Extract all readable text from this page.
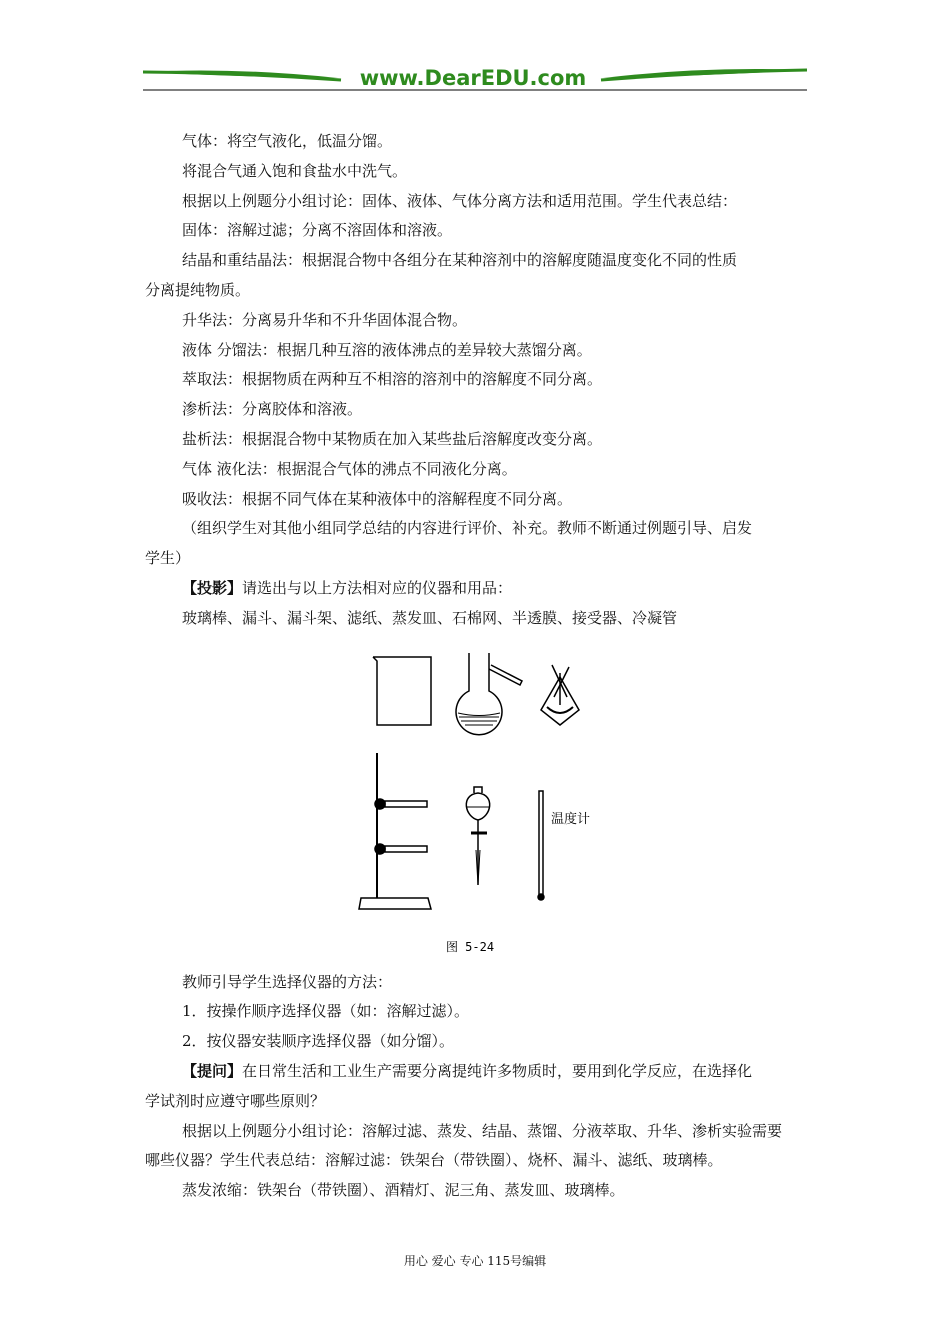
www.DearEDU.com
气体：将空气液化，低温分馏。
将混合气通入饱和食盐水中洗气。
根据以上例题分小组讨论：固体、液体、气体分离方法和适用范围。学生代表总结：
固体：溶解过滤；分离不溶固体和溶液。
结晶和重结晶法：根据混合物中各组分在某种溶剂中的溶解度随温度变化不同的性质
分离提纯物质。
升华法：分离易升华和不升华固体混合物。
液体 分馏法：根据几种互溶的液体沸点的差异较大蒸馏分离。
萃取法：根据物质在两种互不相溶的溶剂中的溶解度不同分离。
渗析法：分离胶体和溶液。
盐析法：根据混合物中某物质在加入某些盐后溶解度改变分离。
气体 液化法：根据混合气体的沸点不同液化分离。
吸收法：根据不同气体在某种液体中的溶解程度不同分离。
（组织学生对其他小组同学总结的内容进行评价、补充。教师不断通过例题引导、启发
学生）
【投影】请选出与以上方法相对应的仪器和用品：
玻璃棒、漏斗、漏斗架、滤纸、蒸发皿、石棉网、半透膜、接受器、冷凝管
教师引导学生选择仪器的方法：
1．按操作顺序选择仪器（如：溶解过滤）。
2．按仪器安装顺序选择仪器（如分馏）。
【提问】在日常生活和工业生产需要分离提纯许多物质时，要用到化学反应，在选择化
学试剂时应遵守哪些原则？
根据以上例题分小组讨论：溶解过滤、蒸发、结晶、蒸馏、分液萃取、升华、渗析实验需要
哪些仪器？学生代表总结：溶解过滤：铁架台（带铁圈）、烧杯、漏斗、滤纸、玻璃棒。
蒸发浓缩：铁架台（带铁圈）、酒精灯、泥三角、蒸发皿、玻璃棒。
温度计
图 5-24
用心 爱心 专心 115号编辑
